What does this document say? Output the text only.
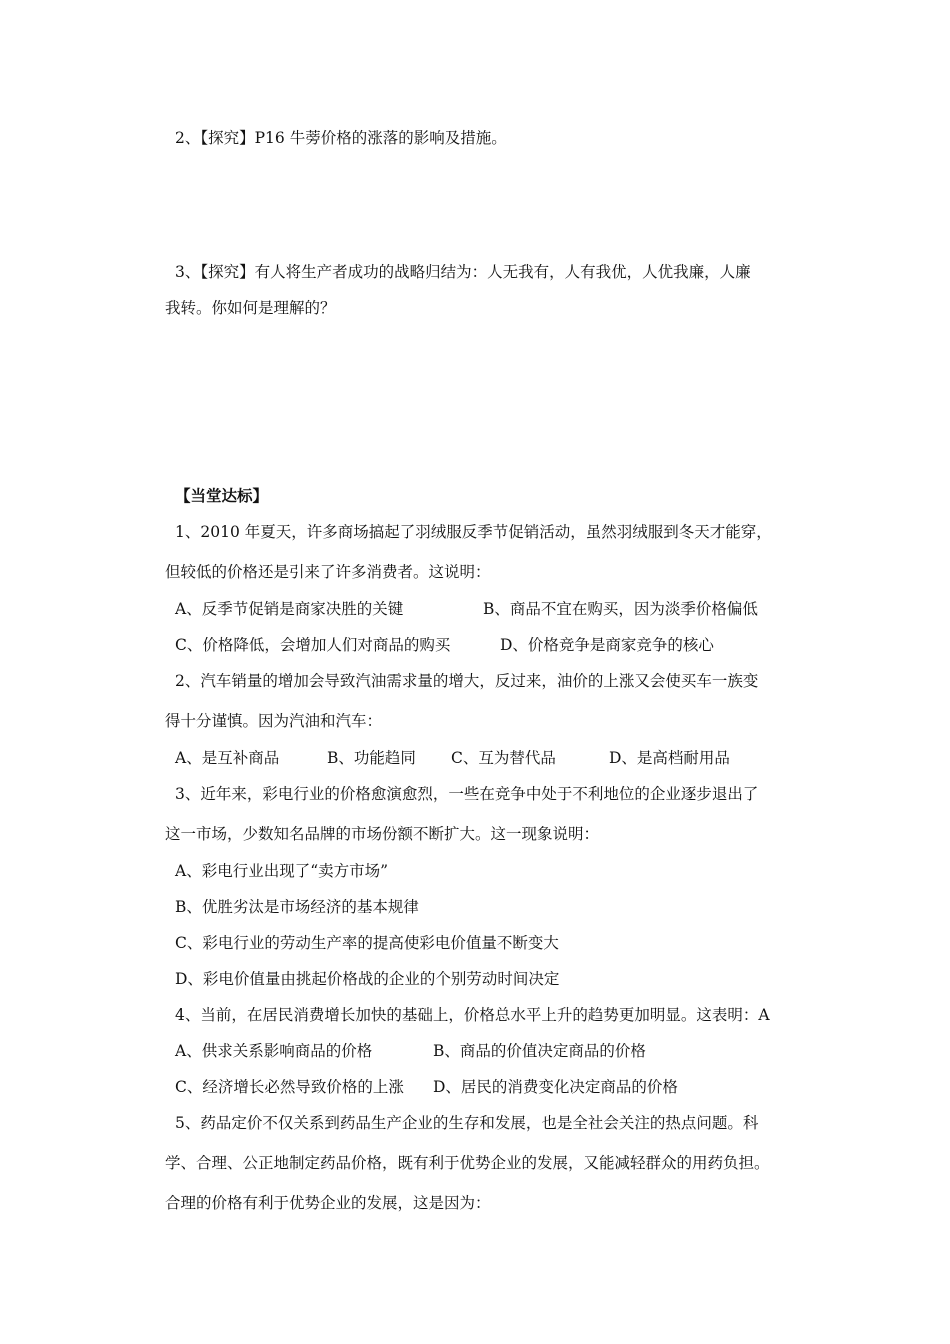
2、【探究】P16 牛蒡价格的涨落的影响及措施。
3、【探究】有人将生产者成功的战略归结为：人无我有，人有我优，人优我廉，人廉
我转。你如何是理解的？
【当堂达标】
1、2010 年夏天，许多商场搞起了羽绒服反季节促销活动，虽然羽绒服到冬天才能穿，
但较低的价格还是引来了许多消费者。这说明：
A、反季节促销是商家决胜的关键	B、商品不宜在购买，因为淡季价格偏低
C、价格降低，会增加人们对商品的购买	D、价格竞争是商家竞争的核心
2、汽车销量的增加会导致汽油需求量的增大，反过来，油价的上涨又会使买车一族变
得十分谨慎。因为汽油和汽车：
A、是互补商品	B、功能趋同 C、互为替代品	D、是高档耐用品
3、近年来，彩电行业的价格愈演愈烈，一些在竞争中处于不利地位的企业逐步退出了
这一市场，少数知名品牌的市场份额不断扩大。这一现象说明：
A、彩电行业出现了“卖方市场”
B、优胜劣汰是市场经济的基本规律
C、彩电行业的劳动生产率的提高使彩电价值量不断变大
D、彩电价值量由挑起价格战的企业的个别劳动时间决定
4、当前，在居民消费增长加快的基础上，价格总水平上升的趋势更加明显。这表明：A
A、供求关系影响商品的价格	B、商品的价值决定商品的价格
C、经济增长必然导致价格的上涨 D、居民的消费变化决定商品的价格
5、药品定价不仅关系到药品生产企业的生存和发展，也是全社会关注的热点问题。科
学、合理、公正地制定药品价格，既有利于优势企业的发展，又能减轻群众的用药负担。
合理的价格有利于优势企业的发展，这是因为：
